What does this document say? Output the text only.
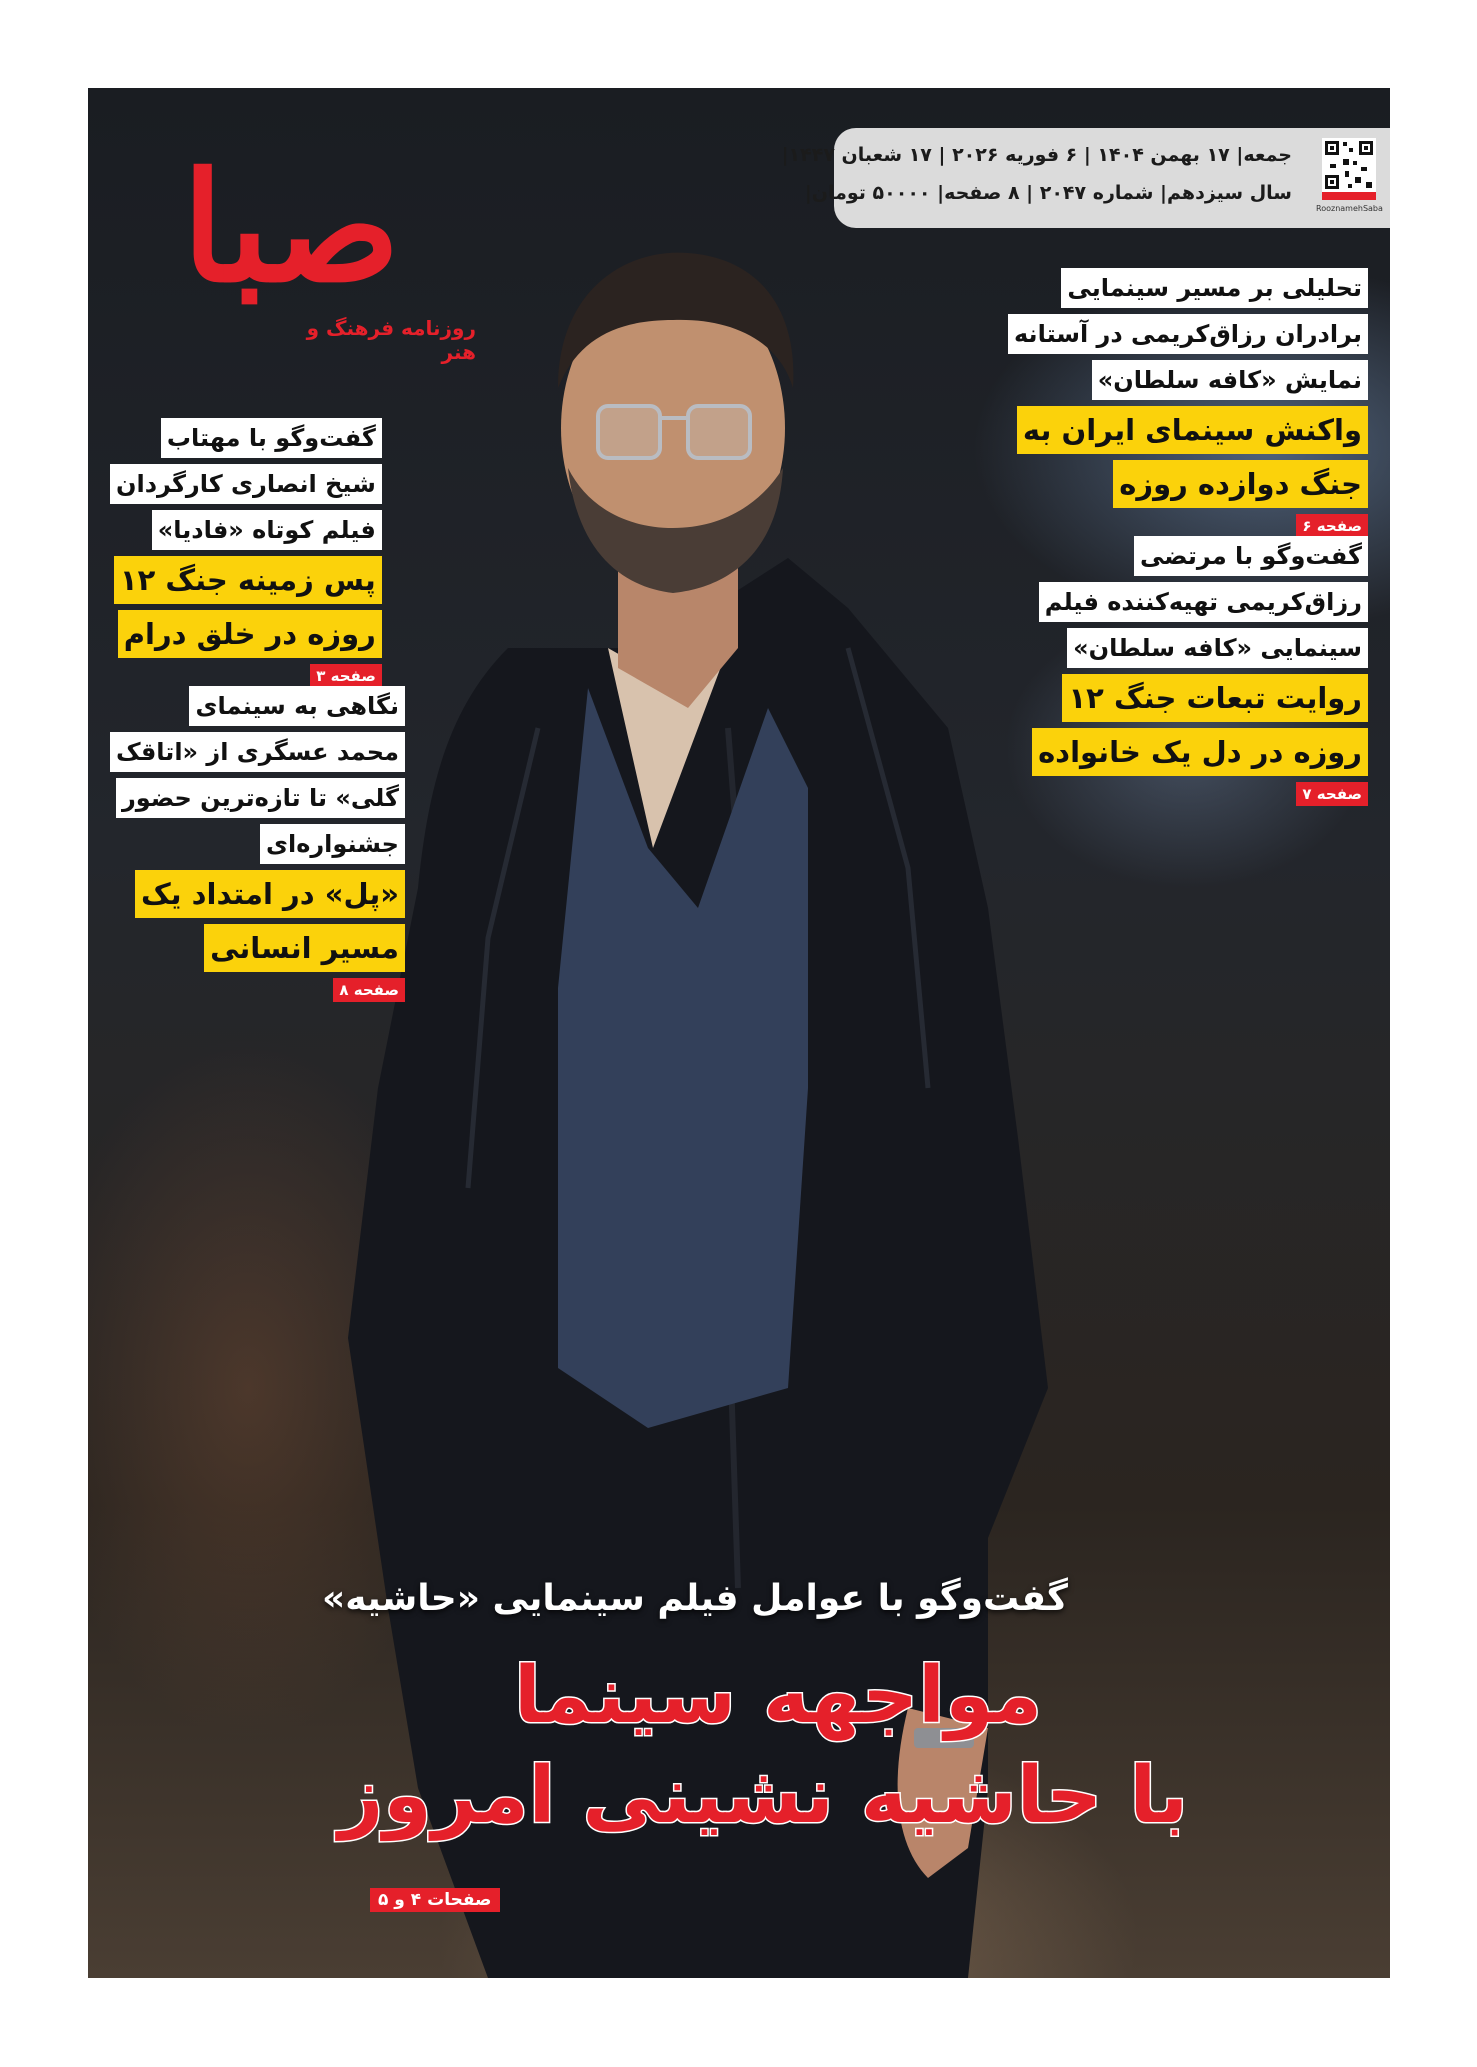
صبا
روزنامه فرهنگ و هنر
RooznamehSaba
جمعه| ۱۷ بهمن ۱۴۰۴ | ۶ فوریه ۲۰۲۶ | ۱۷ شعبان ۱۴۴۷|
سال سیزدهم| شماره ۲۰۴۷ | ۸ صفحه| ۵۰۰۰۰ تومان|
تحلیلی بر مسیر سینمایی
برادران رزاق‌کریمی در آستانه
نمایش «کافه سلطان»
واکنش سینمای ایران به
جنگ دوازده روزه
صفحه ۶
گفت‌وگو با مرتضی
رزاق‌کریمی تهیه‌کننده فیلم
سینمایی «کافه سلطان»
روایت تبعات جنگ ۱۲
روزه در دل یک خانواده
صفحه ۷
گفت‌وگو با مهتاب
شیخ انصاری کارگردان
فیلم کوتاه «فادیا»
پس زمینه جنگ ۱۲
روزه در خلق درام
صفحه ۳
نگاهی به سینمای
محمد عسگری از «اتاقک
گلی» تا تازه‌ترین حضور
جشنواره‌ای
«پل» در امتداد یک
مسیر انسانی
صفحه ۸
گفت‌وگو با عوامل فیلم سینمایی «حاشیه»
مواجهه سینما
با حاشیه نشینی امروز
صفحات ۴ و ۵
